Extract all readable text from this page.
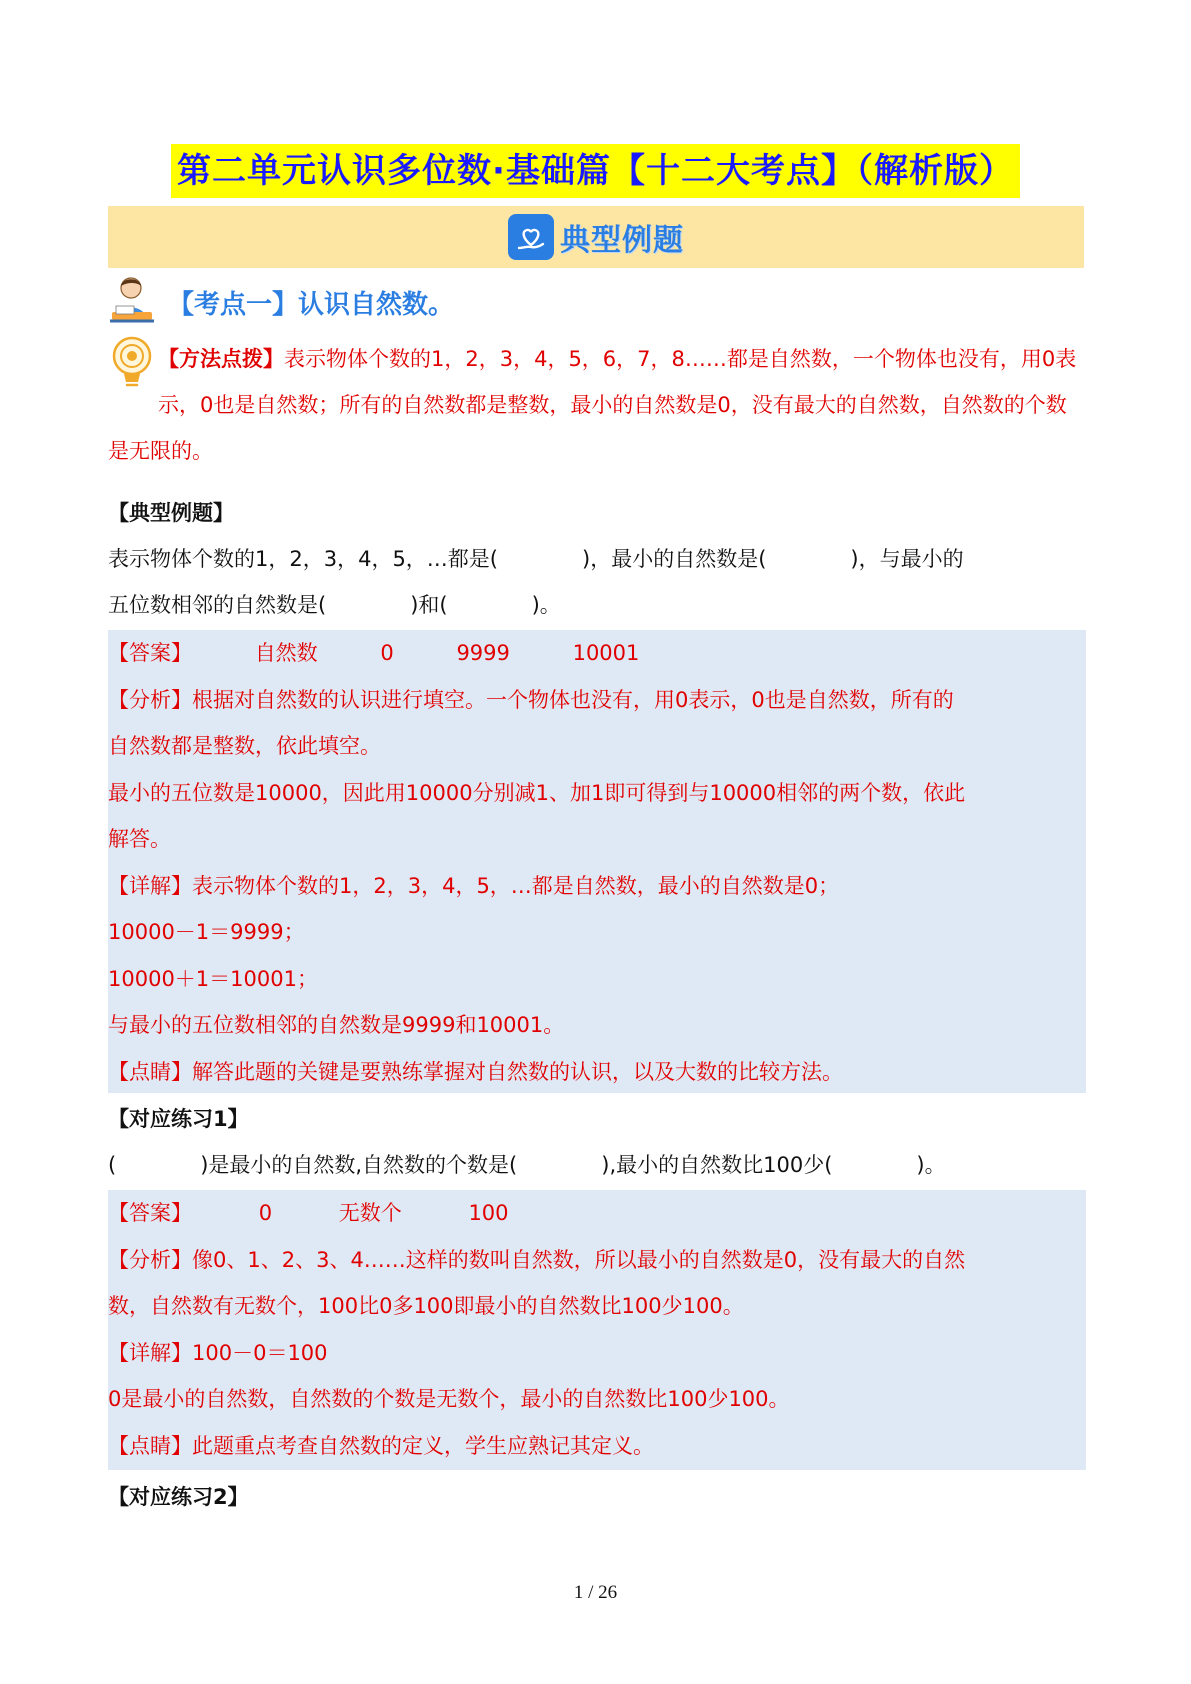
第二单元认识多位数·基础篇【十二大考点】（解析版）
典型例题
【考点一】认识自然数。
【方法点拨】表示物体个数的1，2，3，4，5，6，7，8……都是自然数，一个物体也没有，用0表示，0也是自然数；所有的自然数都是整数，最小的自然数是0，没有最大的自然数，自然数的个数是无限的。
【典型例题】
表示物体个数的1，2，3，4，5，…都是(　　　　)，最小的自然数是(　　　　)，与最小的
五位数相邻的自然数是(　　　　)和(　　　　)。
【答案】	自然数	0	9999	10001
【分析】根据对自然数的认识进行填空。一个物体也没有，用0表示，0也是自然数，所有的
自然数都是整数，依此填空。
最小的五位数是10000，因此用10000分别减1、加1即可得到与10000相邻的两个数，依此
解答。
【详解】表示物体个数的1，2，3，4，5，…都是自然数，最小的自然数是0；
10000－1＝9999；
10000＋1＝10001；
与最小的五位数相邻的自然数是9999和10001。
【点睛】解答此题的关键是要熟练掌握对自然数的认识，以及大数的比较方法。
【对应练习1】
(　　　　)是最小的自然数,自然数的个数是(　　　　),最小的自然数比100少(　　　　)。
【答案】	0	无数个	100
【分析】像0、1、2、3、4……这样的数叫自然数，所以最小的自然数是0，没有最大的自然
数，自然数有无数个，100比0多100即最小的自然数比100少100。
【详解】100－0＝100
0是最小的自然数，自然数的个数是无数个，最小的自然数比100少100。
【点睛】此题重点考查自然数的定义，学生应熟记其定义。
【对应练习2】
1 / 26
